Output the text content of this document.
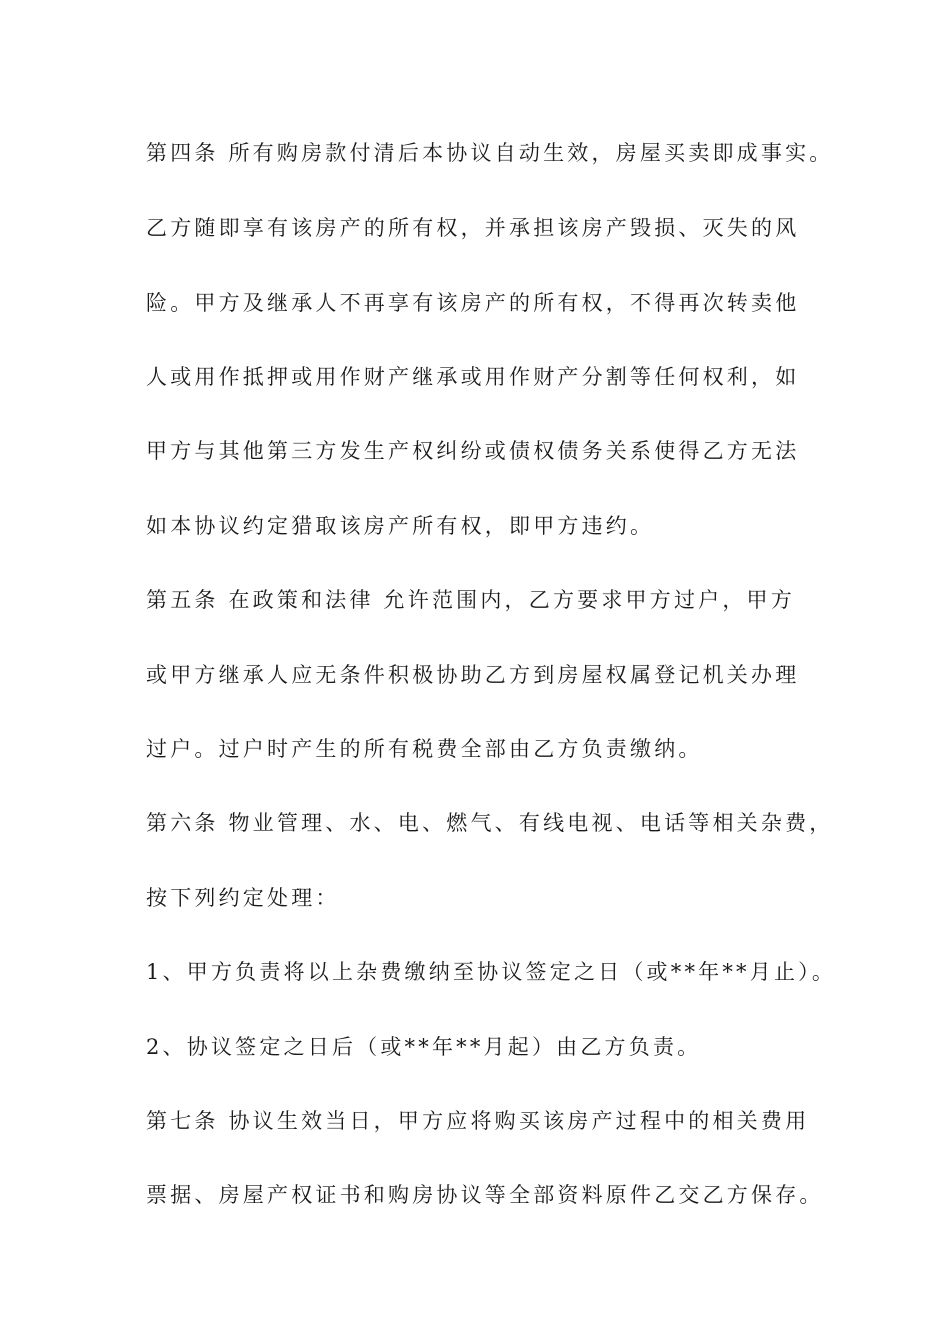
第四条 所有购房款付清后本协议自动生效，房屋买卖即成事实。
乙方随即享有该房产的所有权，并承担该房产毁损、灭失的风
险。甲方及继承人不再享有该房产的所有权，不得再次转卖他
人或用作抵押或用作财产继承或用作财产分割等任何权利，如
甲方与其他第三方发生产权纠纷或债权债务关系使得乙方无法
如本协议约定猎取该房产所有权，即甲方违约。
第五条 在政策和法律 允许范围内，乙方要求甲方过户，甲方
或甲方继承人应无条件积极协助乙方到房屋权属登记机关办理
过户。过户时产生的所有税费全部由乙方负责缴纳。
第六条 物业管理、水、电、燃气、有线电视、电话等相关杂费，
按下列约定处理：
1、甲方负责将以上杂费缴纳至协议签定之日（或**年**月止）。
2、协议签定之日后（或**年**月起）由乙方负责。
第七条 协议生效当日，甲方应将购买该房产过程中的相关费用
票据、房屋产权证书和购房协议等全部资料原件乙交乙方保存。
